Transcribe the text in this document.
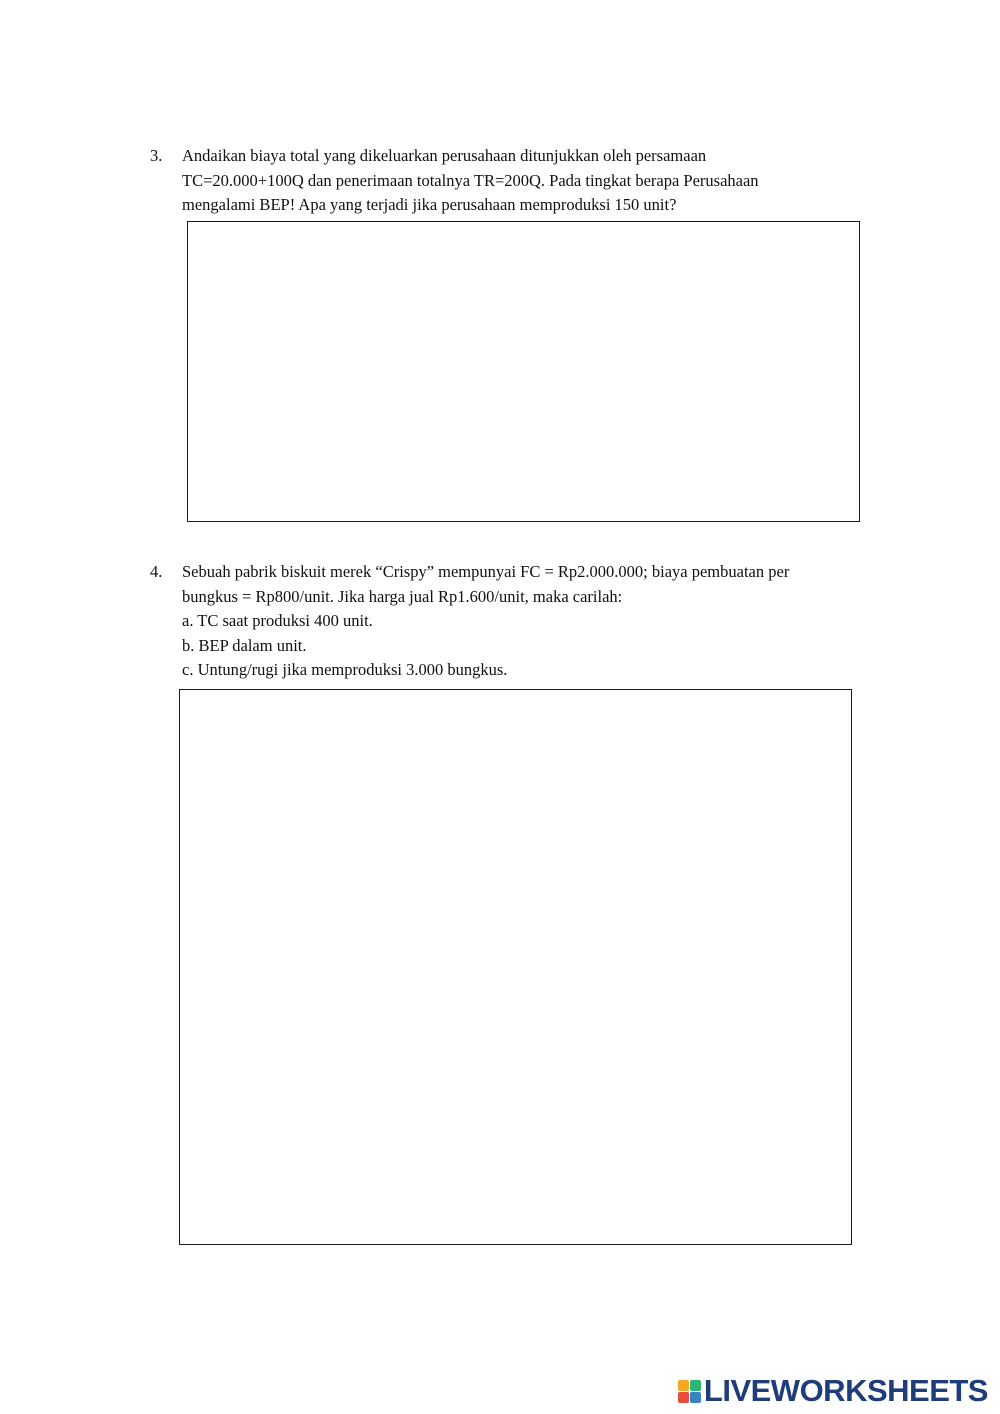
3. Andaikan biaya total yang dikeluarkan perusahaan ditunjukkan oleh persamaan
TC=20.000+100Q dan penerimaan totalnya TR=200Q. Pada tingkat berapa Perusahaan
mengalami BEP! Apa yang terjadi jika perusahaan memproduksi 150 unit?
4. Sebuah pabrik biskuit merek “Crispy” mempunyai FC = Rp2.000.000; biaya pembuatan per
bungkus = Rp800/unit. Jika harga jual Rp1.600/unit, maka carilah:
a. TC saat produksi 400 unit.
b. BEP dalam unit.
c. Untung/rugi jika memproduksi 3.000 bungkus.
LIVEWORKSHEETS
